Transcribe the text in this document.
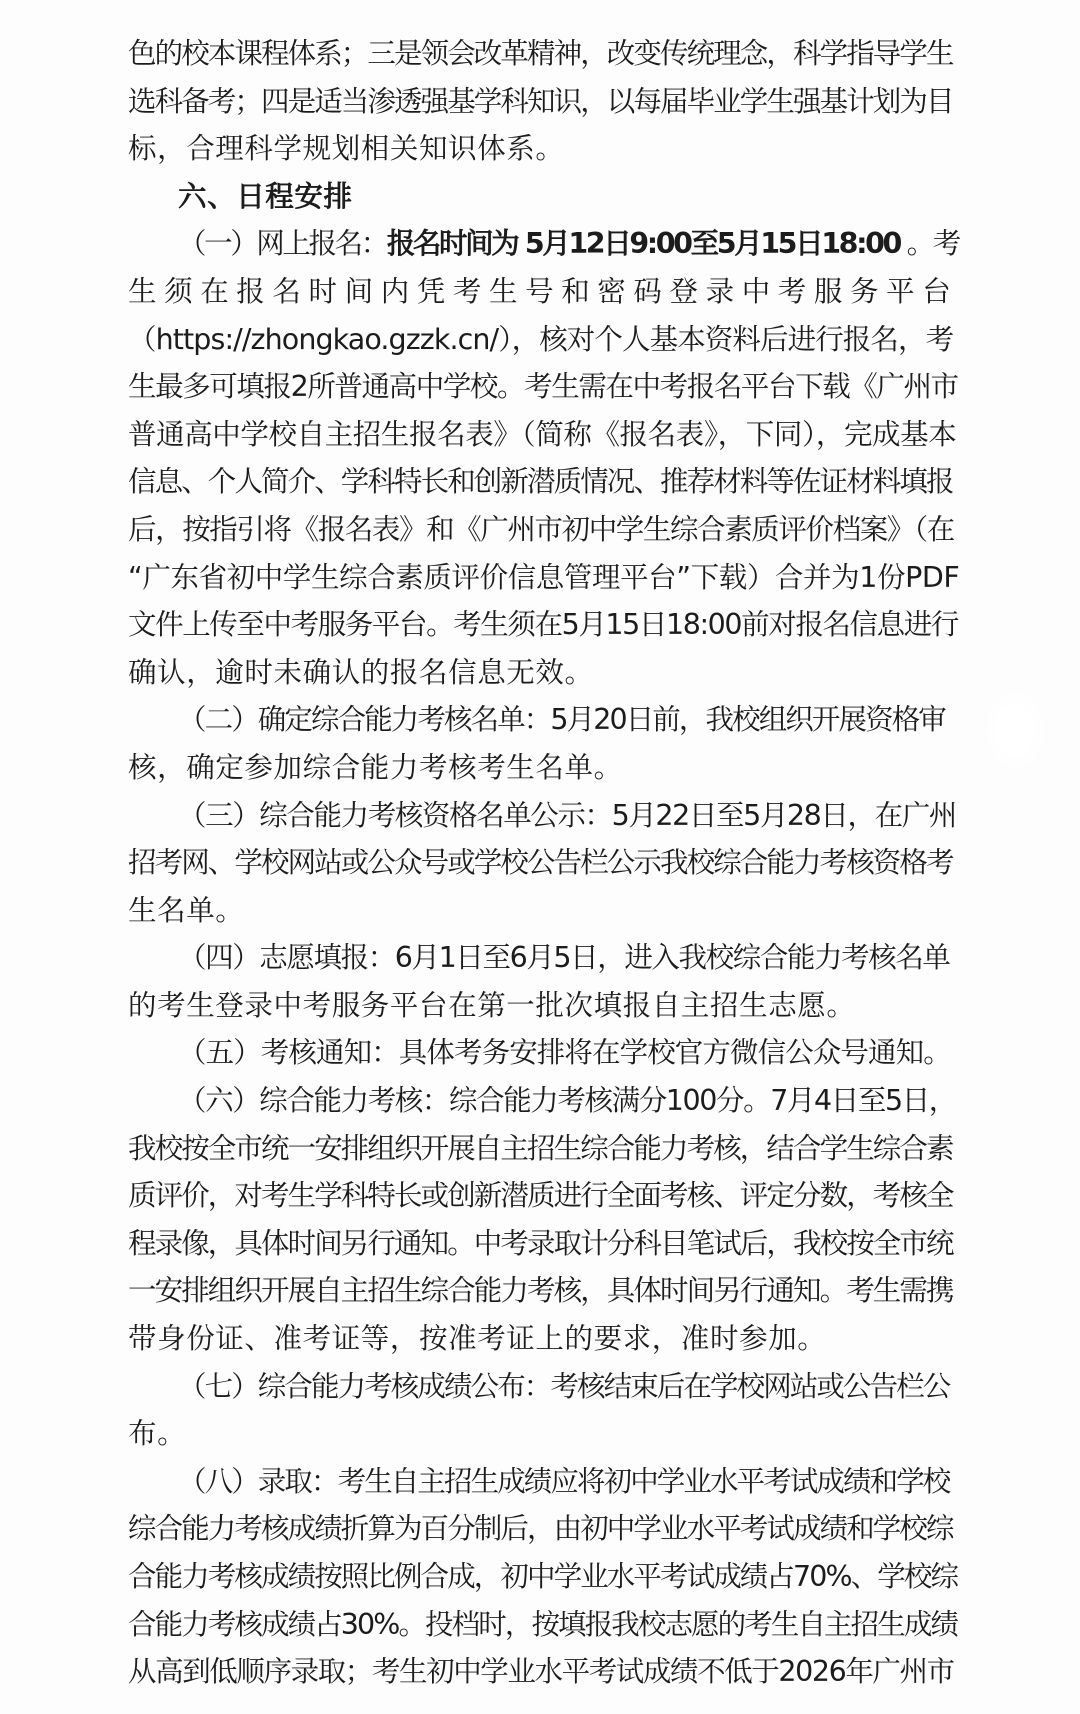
色的校本课程体系；三是领会改革精神，改变传统理念，科学指导学生
选科备考；四是适当渗透强基学科知识，以每届毕业学生强基计划为目
标，合理科学规划相关知识体系。
六、日程安排
（一）网上报名：报名时间为 5月12日9:00至5月15日18:00 。考
生须在报名时间内凭考生号和密码登录中考服务平台
（https://zhongkao.gzzk.cn/），核对个人基本资料后进行报名，考
生最多可填报2所普通高中学校。考生需在中考报名平台下载《广州市
普通高中学校自主招生报名表》（简称《报名表》，下同），完成基本
信息、个人简介、学科特长和创新潜质情况、推荐材料等佐证材料填报
后，按指引将《报名表》和《广州市初中学生综合素质评价档案》（在
“广东省初中学生综合素质评价信息管理平台”下载）合并为1份PDF
文件上传至中考服务平台。考生须在5月15日18:00前对报名信息进行
确认，逾时未确认的报名信息无效。
（二）确定综合能力考核名单：5月20日前，我校组织开展资格审
核，确定参加综合能力考核考生名单。
（三）综合能力考核资格名单公示：5月22日至5月28日，在广州
招考网、学校网站或公众号或学校公告栏公示我校综合能力考核资格考
生名单。
（四）志愿填报：6月1日至6月5日，进入我校综合能力考核名单
的考生登录中考服务平台在第一批次填报自主招生志愿。
（五）考核通知：具体考务安排将在学校官方微信公众号通知。
（六）综合能力考核：综合能力考核满分100分。7月4日至5日，
我校按全市统一安排组织开展自主招生综合能力考核，结合学生综合素
质评价，对考生学科特长或创新潜质进行全面考核、评定分数，考核全
程录像，具体时间另行通知。中考录取计分科目笔试后，我校按全市统
一安排组织开展自主招生综合能力考核，具体时间另行通知。考生需携
带身份证、准考证等，按准考证上的要求，准时参加。
（七）综合能力考核成绩公布：考核结束后在学校网站或公告栏公
布。
（八）录取：考生自主招生成绩应将初中学业水平考试成绩和学校
综合能力考核成绩折算为百分制后，由初中学业水平考试成绩和学校综
合能力考核成绩按照比例合成，初中学业水平考试成绩占70%、学校综
合能力考核成绩占30%。投档时，按填报我校志愿的考生自主招生成绩
从高到低顺序录取；考生初中学业水平考试成绩不低于2026年广州市
